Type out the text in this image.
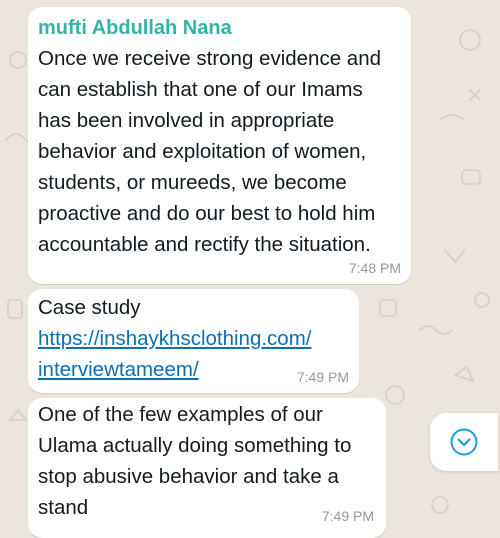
mufti Abdullah Nana
Once we receive strong evidence and
can establish that one of our Imams
has been involved in appropriate
behavior and exploitation of women,
students, or mureeds, we become
proactive and do our best to hold him
accountable and rectify the situation.
7:48 PM
Case study
https://inshaykhsclothing.com/
interviewtameem/	7:49 PM
One of the few examples of our
Ulama actually doing something to
stop abusive behavior and take a
stand	7:49 PM
